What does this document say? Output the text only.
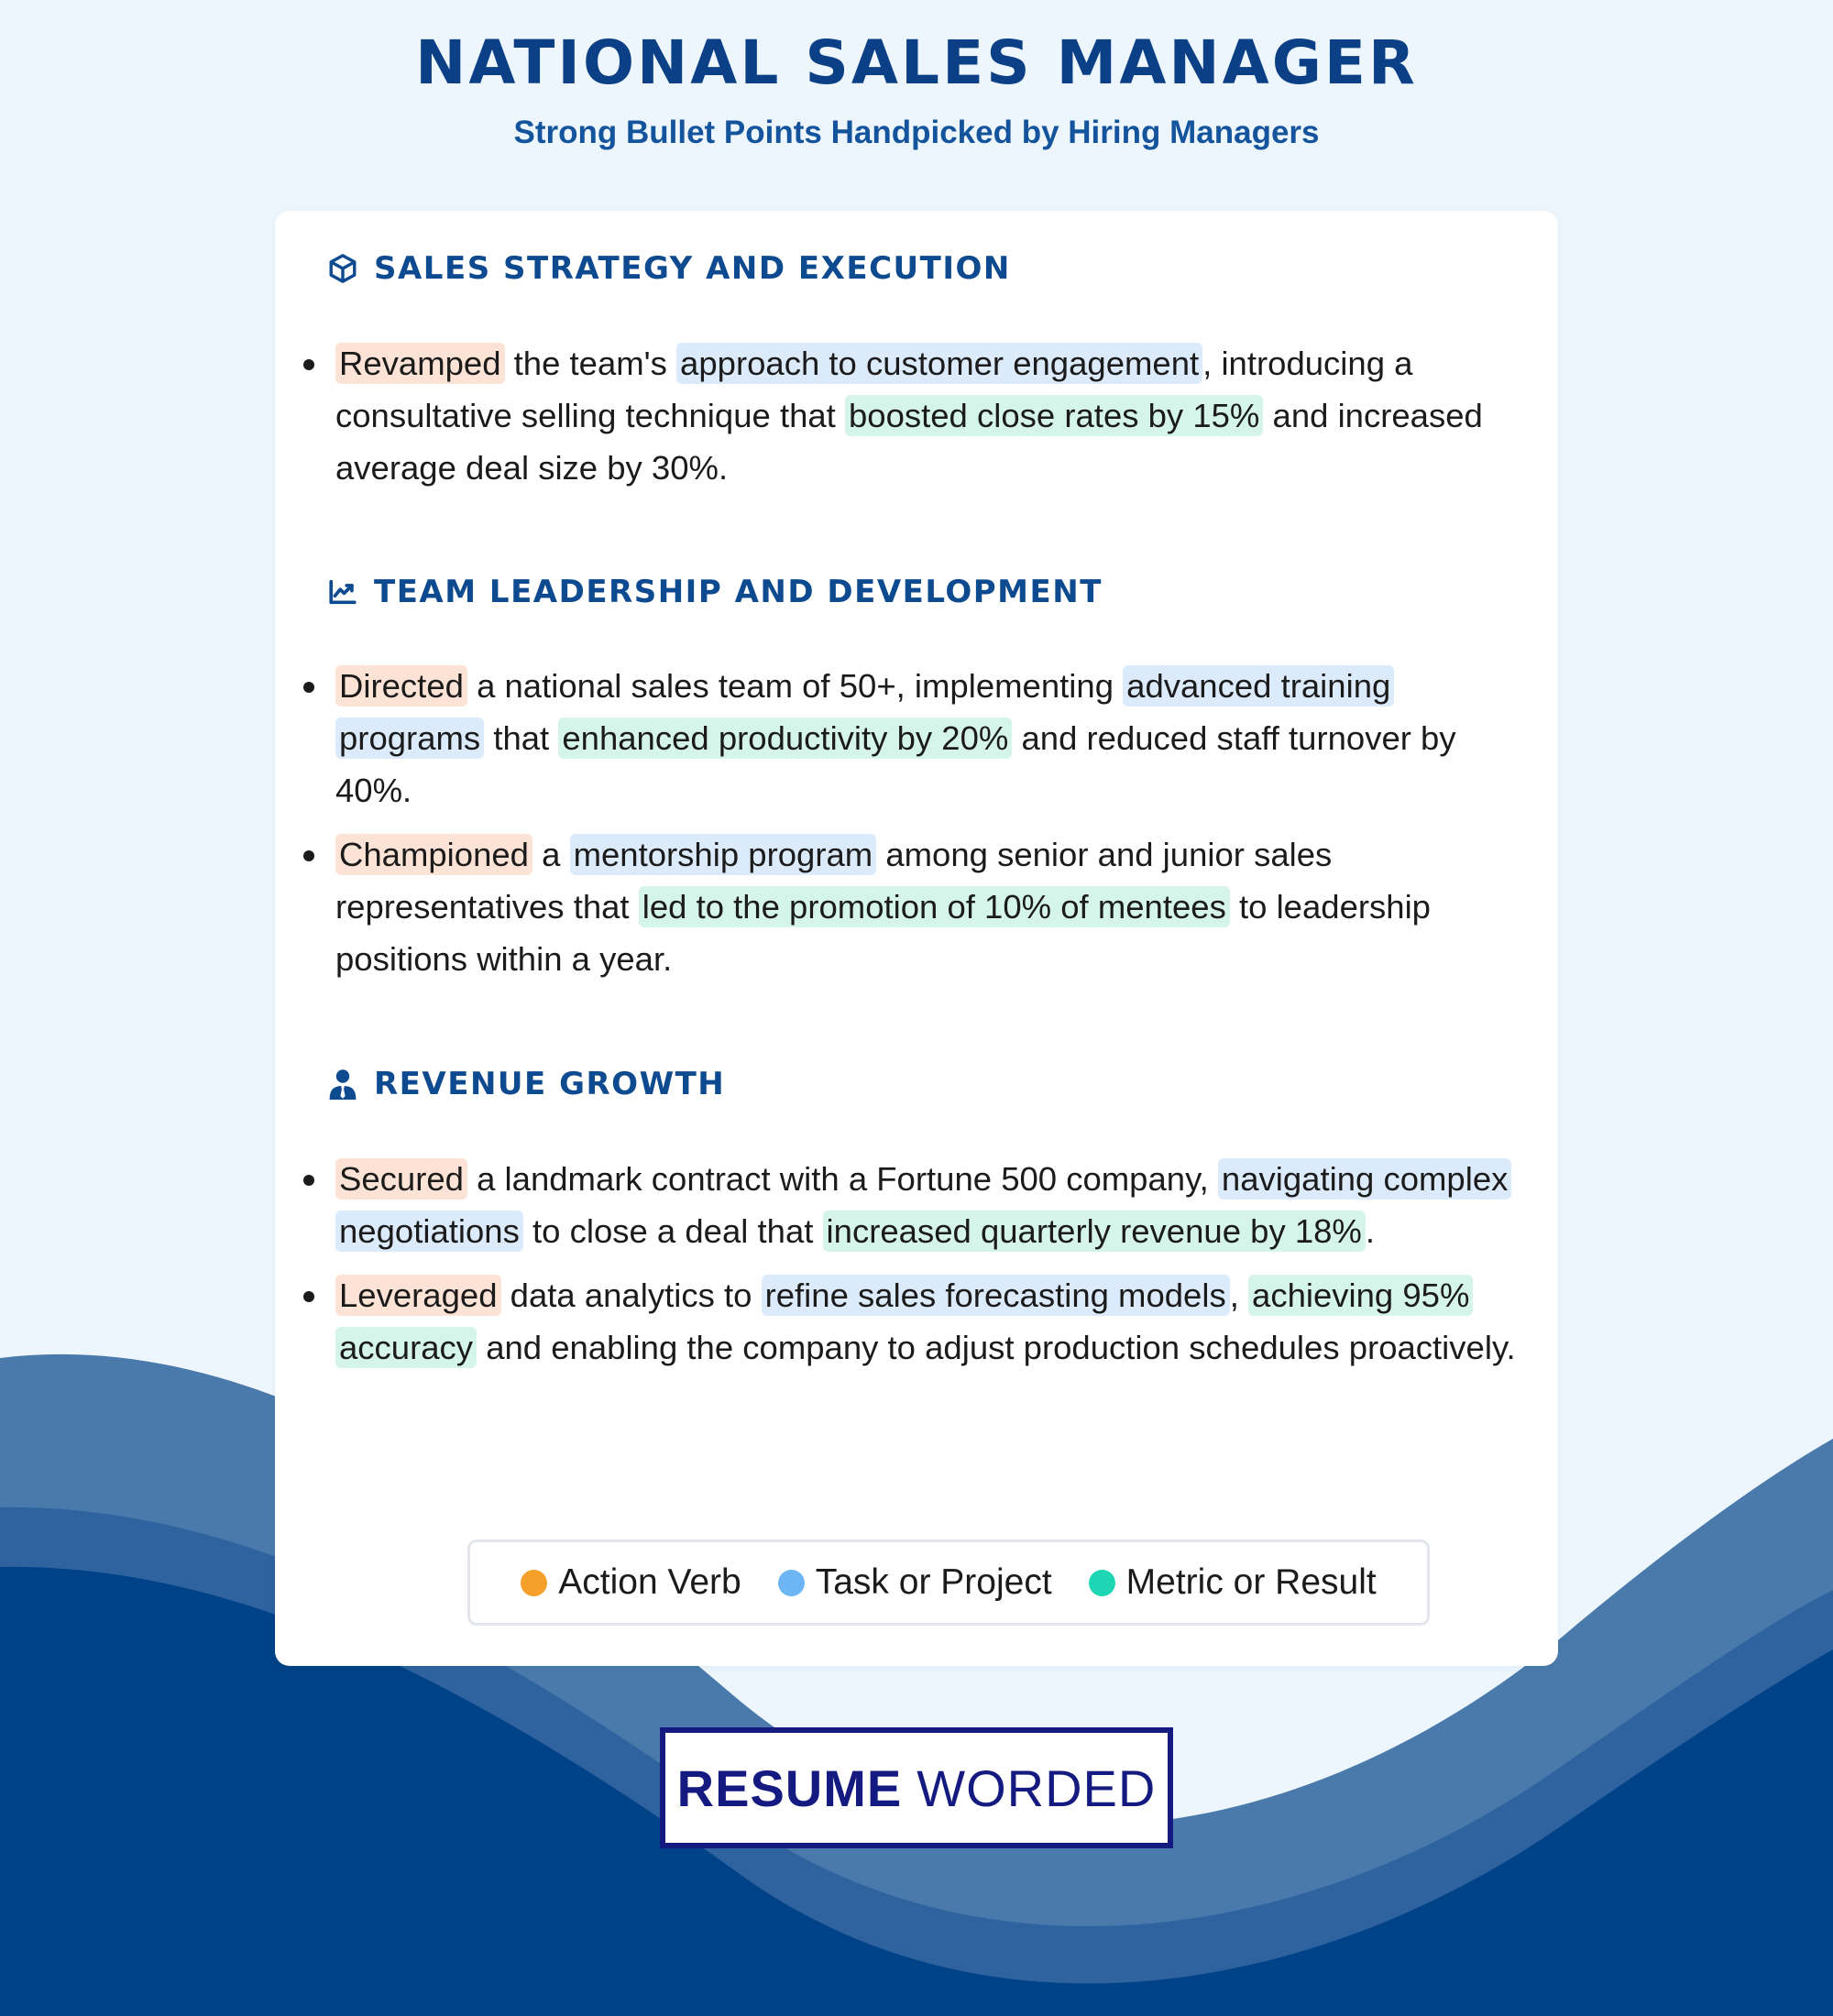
NATIONAL SALES MANAGER
Strong Bullet Points Handpicked by Hiring Managers
SALES STRATEGY AND EXECUTION
Revamped the team's approach to customer engagement , introducing a consultative selling technique that boosted close rates by 15% and increased average deal size by 30%.
TEAM LEADERSHIP AND DEVELOPMENT
Directed a national sales team of 50+, implementing advanced training programs that enhanced productivity by 20% and reduced staff turnover by 40%.
Championed a mentorship program among senior and junior sales representatives that led to the promotion of 10% of mentees to leadership positions within a year.
REVENUE GROWTH
Secured a landmark contract with a Fortune 500 company, navigating complex negotiations to close a deal that increased quarterly revenue by 18% .
Leveraged data analytics to refine sales forecasting models , achieving 95% accuracy and enabling the company to adjust production schedules proactively.
Action Verb Task or Project Metric or Result
RESUME WORDED
